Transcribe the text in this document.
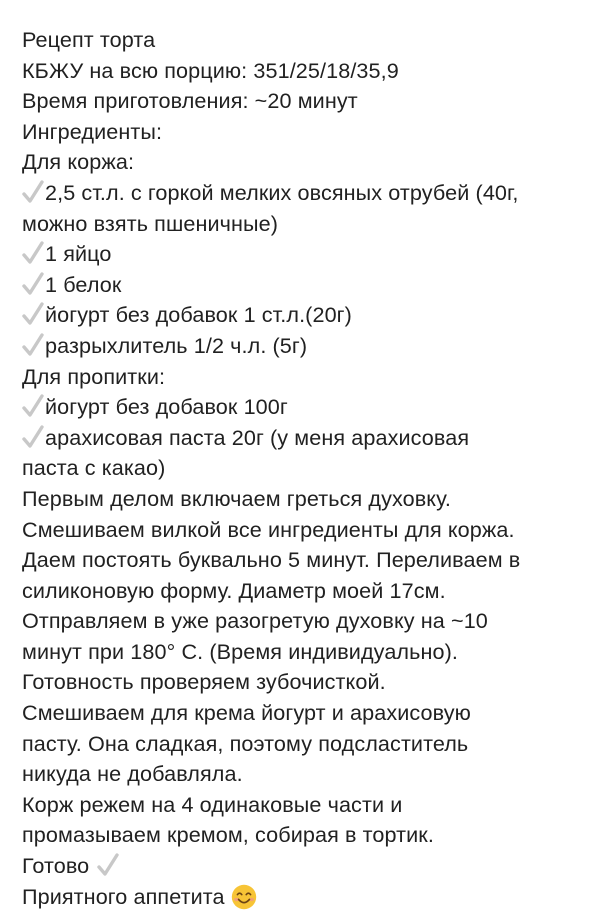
Рецепт торта
КБЖУ на всю порцию: 351/25/18/35,9
Время приготовления: ~20 минут
Ингредиенты:
Для коржа:
2,5 ст.л. с горкой мелких овсяных отрубей (40г,
можно взять пшеничные)
1 яйцо
1 белок
йогурт без добавок 1 ст.л.(20г)
разрыхлитель 1/2 ч.л. (5г)
Для пропитки:
йогурт без добавок 100г
арахисовая паста 20г (у меня арахисовая
паста с какао)
Первым делом включаем греться духовку.
Смешиваем вилкой все ингредиенты для коржа.
Даем постоять буквально 5 минут. Переливаем в
силиконовую форму. Диаметр моей 17см.
Отправляем в уже разогретую духовку на ~10
минут при 180° С. (Время индивидуально).
Готовность проверяем зубочисткой.
Смешиваем для крема йогурт и арахисовую
пасту. Она сладкая, поэтому подсластитель
никуда не добавляла.
Корж режем на 4 одинаковые части и
промазываем кремом, собирая в тортик.
Готово
Приятного аппетита
